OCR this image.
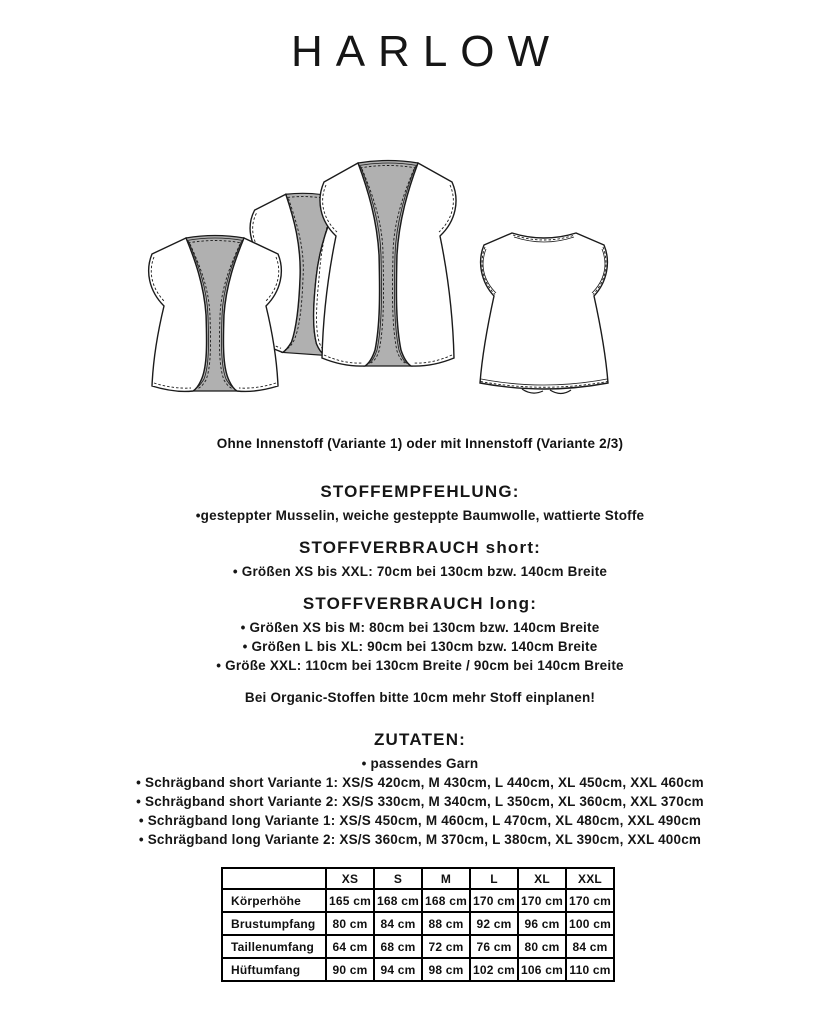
HARLOW
Ohne Innenstoff (Variante 1) oder mit Innenstoff (Variante 2/3)
STOFFEMPFEHLUNG:

•gesteppter Musselin, weiche gesteppte Baumwolle, wattierte Stoffe

STOFFVERBRAUCH short:

• Größen XS bis XXL: 70cm bei 130cm bzw. 140cm Breite

STOFFVERBRAUCH long:

• Größen XS bis M: 80cm bei 130cm bzw. 140cm Breite

• Größen L bis XL: 90cm bei 130cm bzw. 140cm Breite

• Größe XXL: 110cm bei 130cm Breite / 90cm bei 140cm Breite

Bei Organic-Stoffen bitte 10cm mehr Stoff einplanen!

ZUTATEN:

• passendes Garn

• Schrägband short Variante 1: XS/S 420cm, M 430cm, L 440cm, XL 450cm, XXL 460cm

• Schrägband short Variante 2: XS/S 330cm, M 340cm, L 350cm, XL 360cm, XXL 370cm

• Schrägband long Variante 1: XS/S 450cm, M 460cm, L 470cm, XL 480cm, XXL 490cm

• Schrägband long Variante 2: XS/S 360cm, M 370cm, L 380cm, XL 390cm, XXL 400cm

	XS	S	M	L	XL	XXL
Körperhöhe	165 cm	168 cm	168 cm	170 cm	170 cm	170 cm
Brustumpfang	80 cm	84 cm	88 cm	92 cm	96 cm	100 cm
Taillenumfang	64 cm	68 cm	72 cm	76 cm	80 cm	84 cm
Hüftumfang	90 cm	94 cm	98 cm	102 cm	106 cm	110 cm
